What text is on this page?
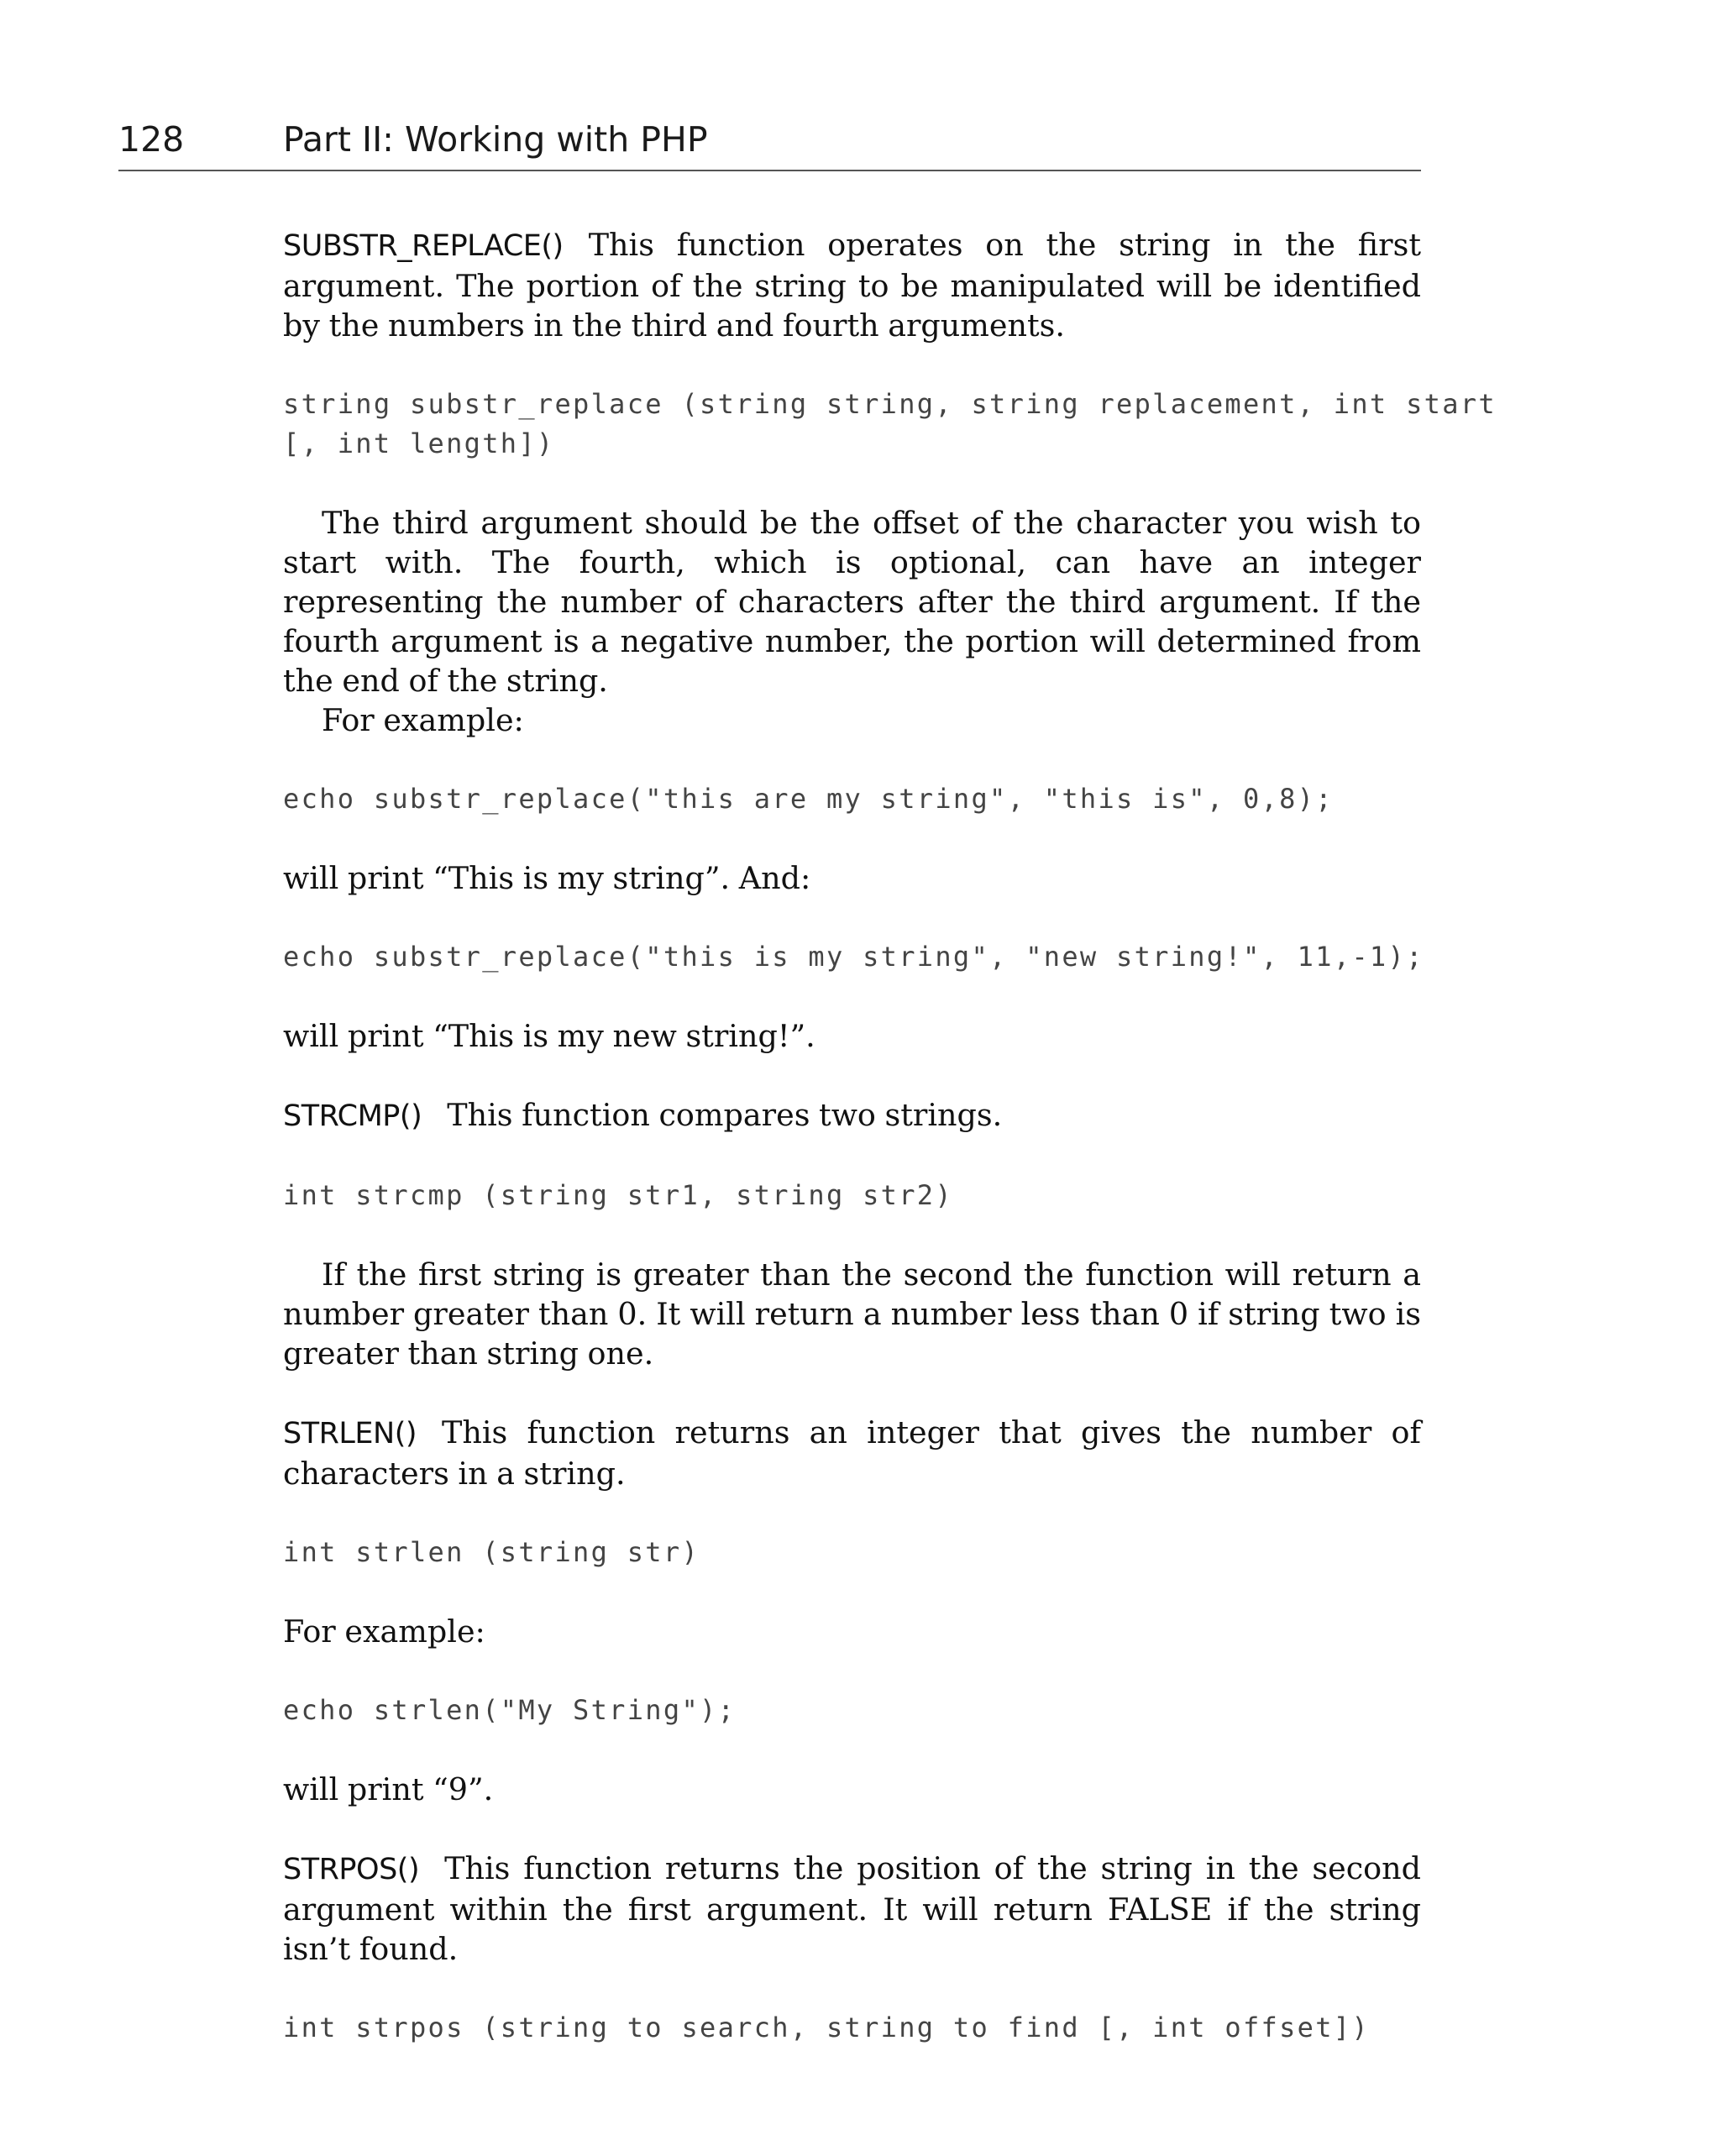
128	Part II: Working with PHP

SUBSTR_REPLACE() This function operates on the string in the first argument. The portion of the string to be manipulated will be identified by the numbers in the third and fourth arguments.

string substr_replace (string string, string replacement, int start
[, int length])

The third argument should be the offset of the character you wish to start with. The fourth, which is optional, can have an integer representing the number of characters after the third argument. If the fourth argument is a negative number, the portion will determined from the end of the string.

For example:

echo substr_replace("this are my string", "this is", 0,8);

will print “This is my string”. And:

echo substr_replace("this is my string", "new string!", 11,-1);

will print “This is my new string!”.

STRCMP() This function compares two strings.

int strcmp (string str1, string str2)

If the first string is greater than the second the function will return a number greater than 0. It will return a number less than 0 if string two is greater than string one.

STRLEN() This function returns an integer that gives the number of characters in a string.

int strlen (string str)

For example:

echo strlen("My String");

will print “9”.

STRPOS() This function returns the position of the string in the second argument within the first argument. It will return FALSE if the string isn’t found.

int strpos (string to search, string to find [, int offset])
